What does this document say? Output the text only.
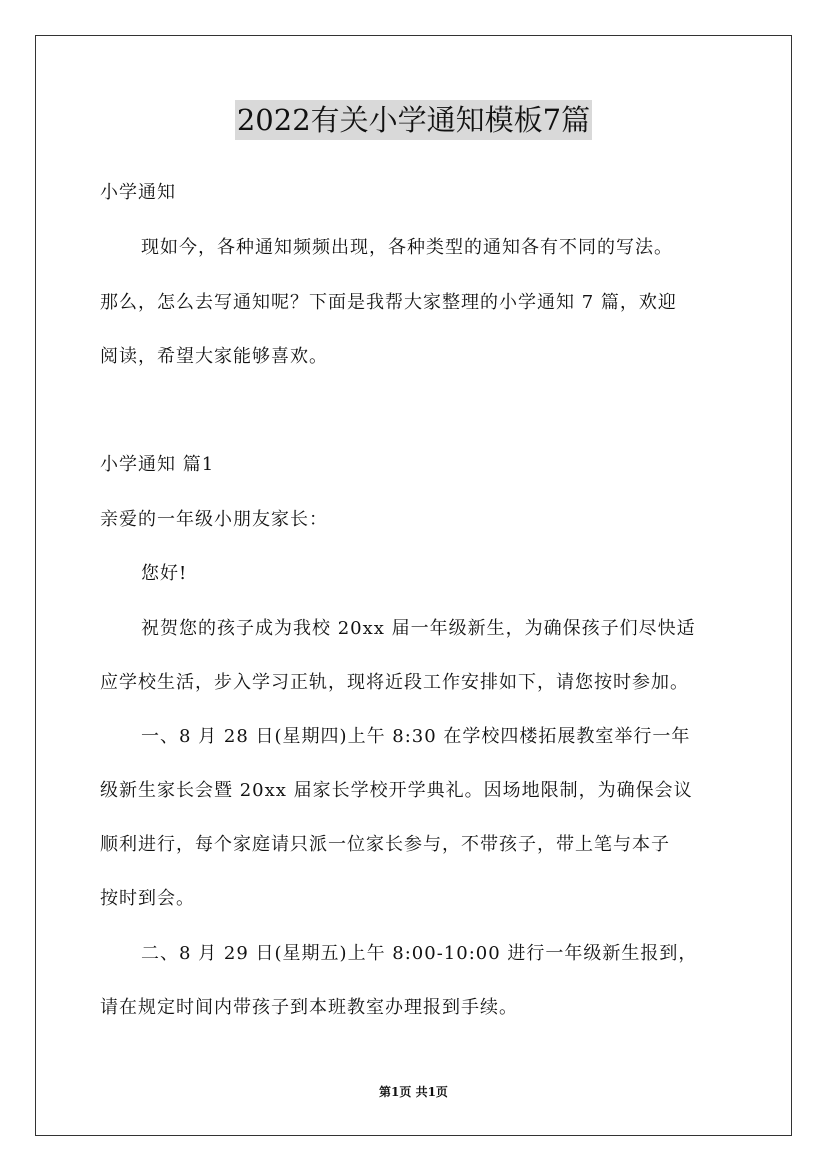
2022有关小学通知模板7篇
小学通知
现如今，各种通知频频出现，各种类型的通知各有不同的写法。
那么，怎么去写通知呢？下面是我帮大家整理的小学通知 7 篇，欢迎
阅读，希望大家能够喜欢。
小学通知 篇1
亲爱的一年级小朋友家长：
您好!
祝贺您的孩子成为我校 20xx 届一年级新生，为确保孩子们尽快适
应学校生活，步入学习正轨，现将近段工作安排如下，请您按时参加。
一、8 月 28 日(星期四)上午 8:30 在学校四楼拓展教室举行一年
级新生家长会暨 20xx 届家长学校开学典礼。因场地限制，为确保会议
顺利进行，每个家庭请只派一位家长参与，不带孩子，带上笔与本子
按时到会。
二、8 月 29 日(星期五)上午 8:00-10:00 进行一年级新生报到，
请在规定时间内带孩子到本班教室办理报到手续。
第1页 共1页
